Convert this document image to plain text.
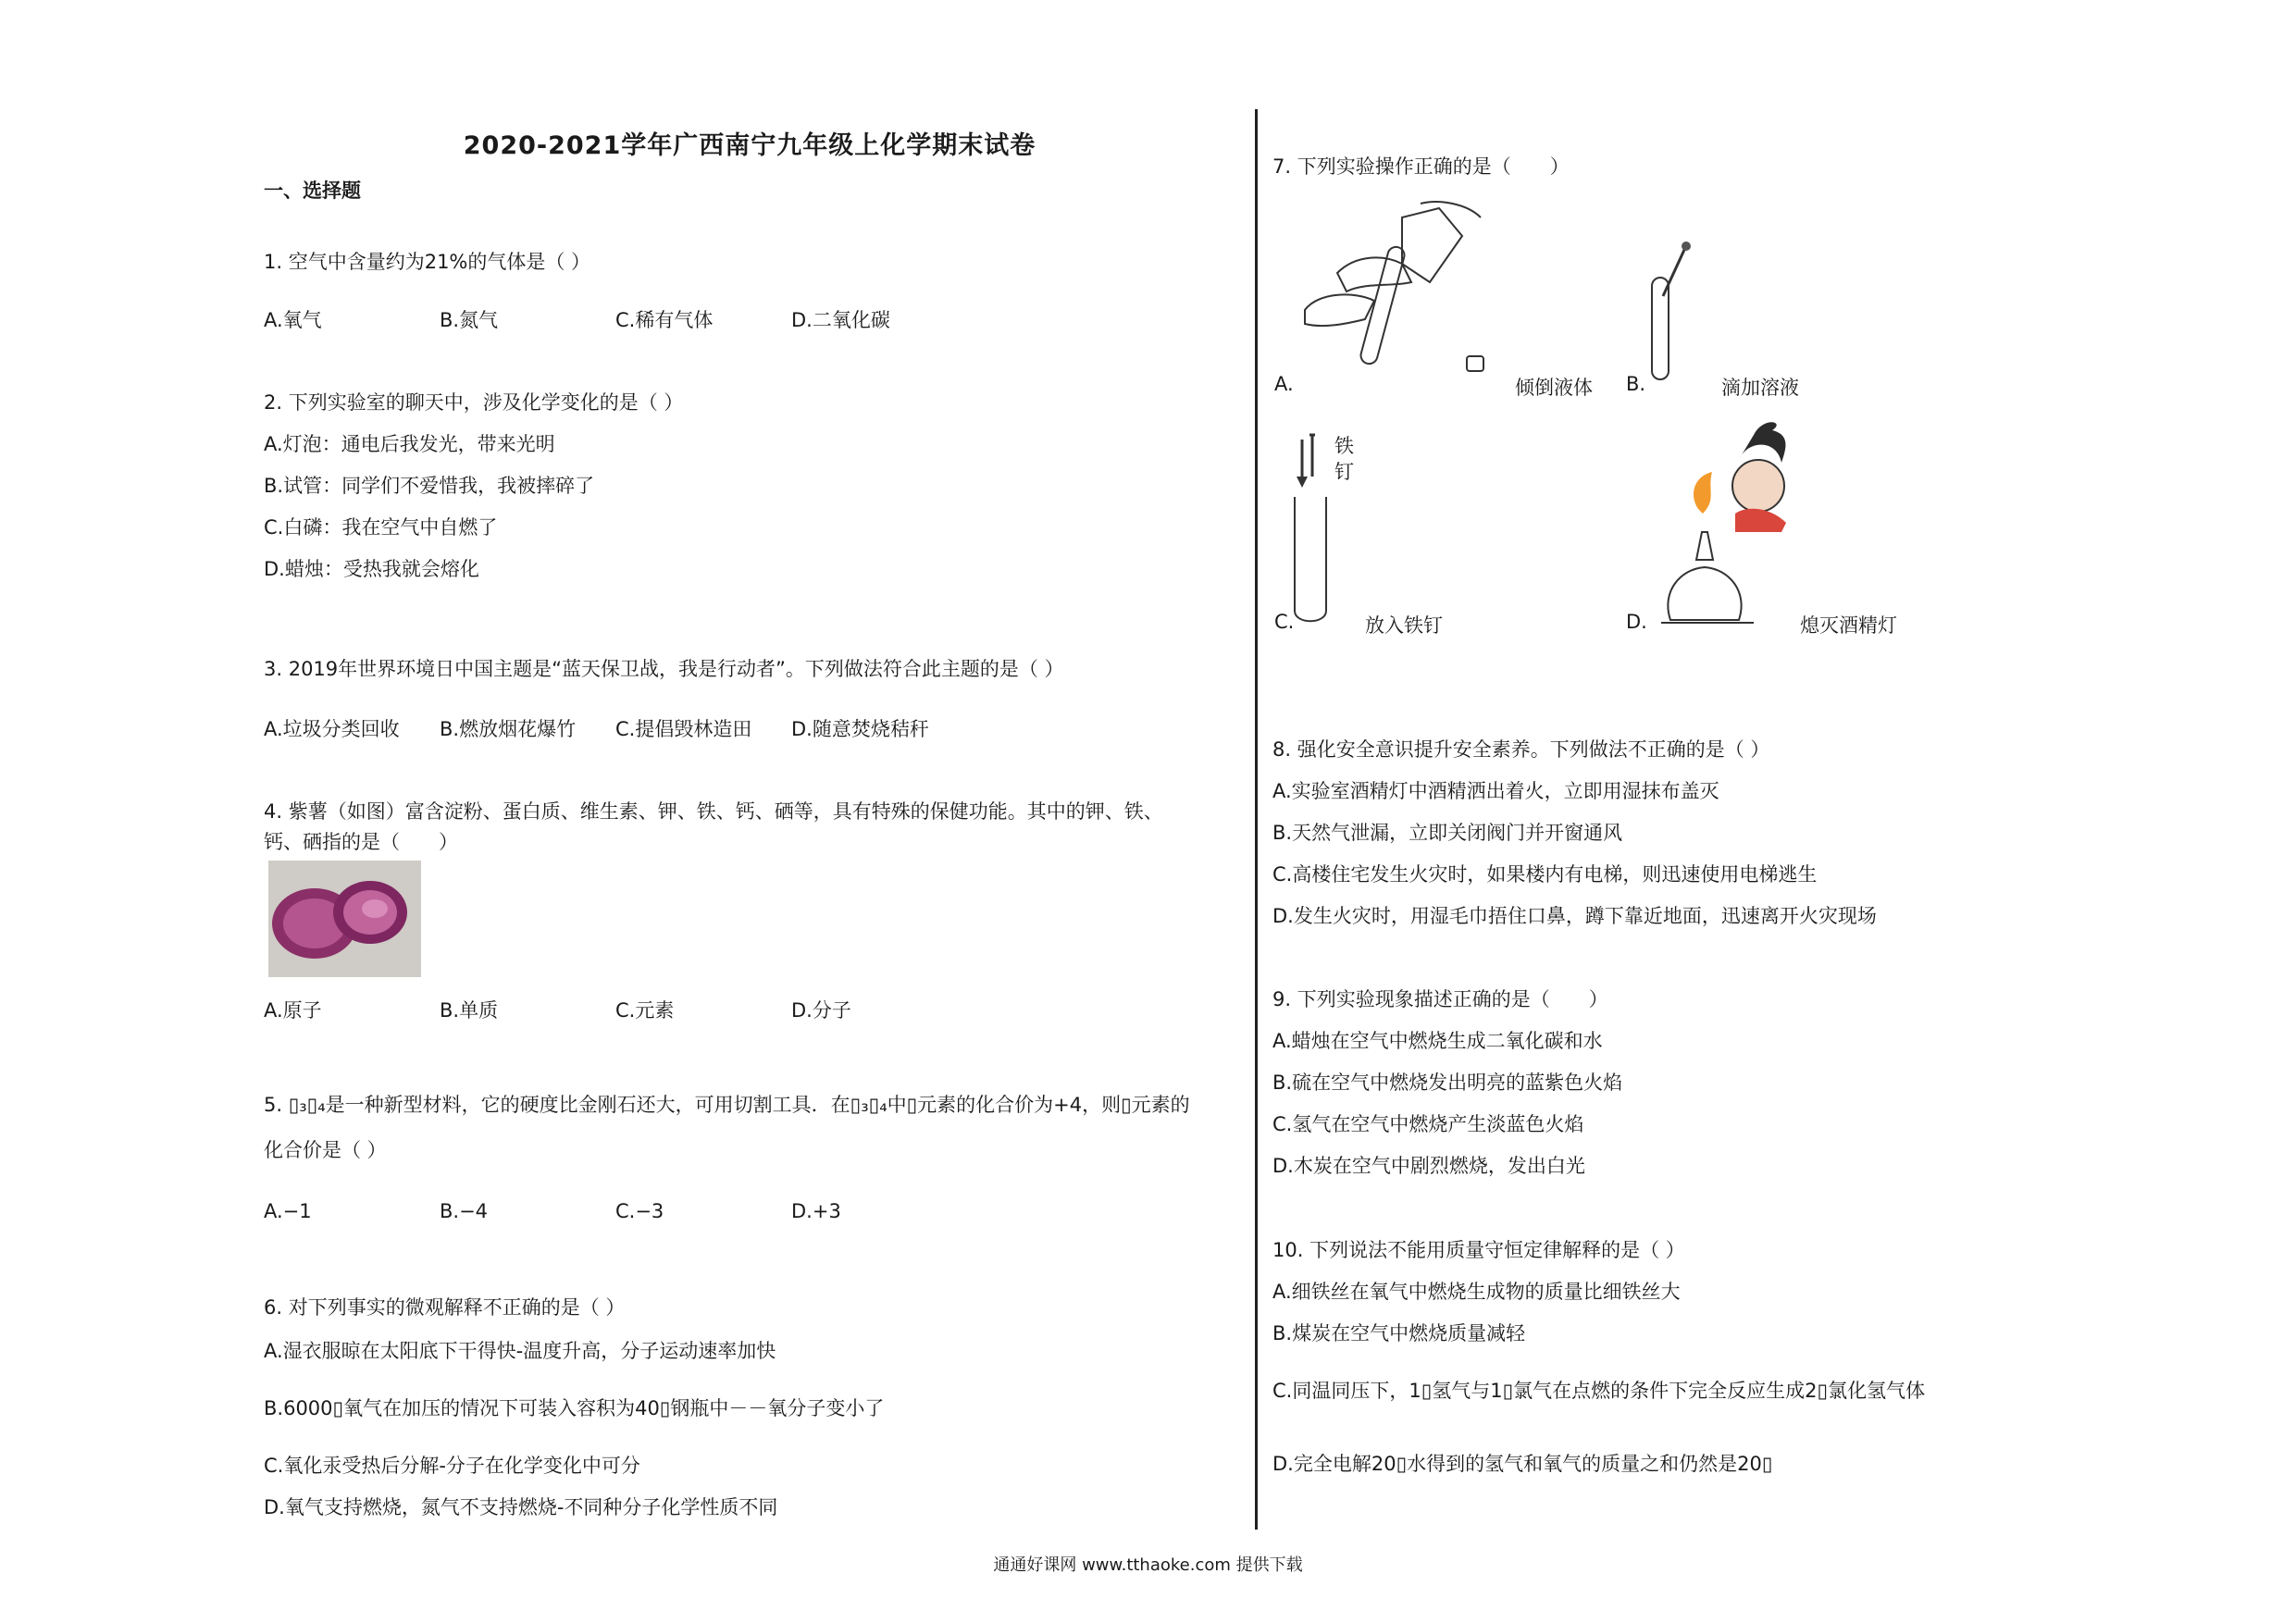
2020-2021学年广西南宁九年级上化学期末试卷
一、选择题
1. 空气中含量约为21%的气体是（ ）
A.氧气	B.氮气	C.稀有气体	D.二氧化碳
2. 下列实验室的聊天中，涉及化学变化的是（ ）
A.灯泡：通电后我发光，带来光明
B.试管：同学们不爱惜我，我被摔碎了
C.白磷：我在空气中自燃了
D.蜡烛：受热我就会熔化
3. 2019年世界环境日中国主题是“蓝天保卫战，我是行动者”。下列做法符合此主题的是（ ）
A.垃圾分类回收	B.燃放烟花爆竹	C.提倡毁林造田	D.随意焚烧秸秆
4. 紫薯（如图）富含淀粉、蛋白质、维生素、钾、铁、钙、硒等，具有特殊的保健功能。其中的钾、铁、
钙、硒指的是（　　）
A.原子	B.单质	C.元素	D.分子
5. ▯₃▯₄是一种新型材料，它的硬度比金刚石还大，可用切割工具．在▯₃▯₄中▯元素的化合价为+4，则▯元素的
化合价是（ ）
A.−1	B.−4	C.−3	D.+3
6. 对下列事实的微观解释不正确的是（ ）
A.湿衣服晾在太阳底下干得快-温度升高，分子运动速率加快
B.6000▯氧气在加压的情况下可装入容积为40▯钢瓶中－－氧分子变小了
C.氧化汞受热后分解-分子在化学变化中可分
D.氧气支持燃烧，氮气不支持燃烧-不同种分子化学性质不同
7. 下列实验操作正确的是（　　）
A.	倾倒液体 B.	滴加溶液
C.
铁
钉
放入铁钉	D.	熄灭酒精灯
8. 强化安全意识提升安全素养。下列做法不正确的是（ ）
A.实验室酒精灯中酒精洒出着火，立即用湿抹布盖灭
B.天然气泄漏，立即关闭阀门并开窗通风
C.高楼住宅发生火灾时，如果楼内有电梯，则迅速使用电梯逃生
D.发生火灾时，用湿毛巾捂住口鼻，蹲下靠近地面，迅速离开火灾现场
9. 下列实验现象描述正确的是（　　）
A.蜡烛在空气中燃烧生成二氧化碳和水
B.硫在空气中燃烧发出明亮的蓝紫色火焰
C.氢气在空气中燃烧产生淡蓝色火焰
D.木炭在空气中剧烈燃烧，发出白光
10. 下列说法不能用质量守恒定律解释的是（ ）
A.细铁丝在氧气中燃烧生成物的质量比细铁丝大
B.煤炭在空气中燃烧质量减轻
C.同温同压下，1▯氢气与1▯氯气在点燃的条件下完全反应生成2▯氯化氢气体
D.完全电解20▯水得到的氢气和氧气的质量之和仍然是20▯
通通好课网 www.tthaoke.com 提供下载
